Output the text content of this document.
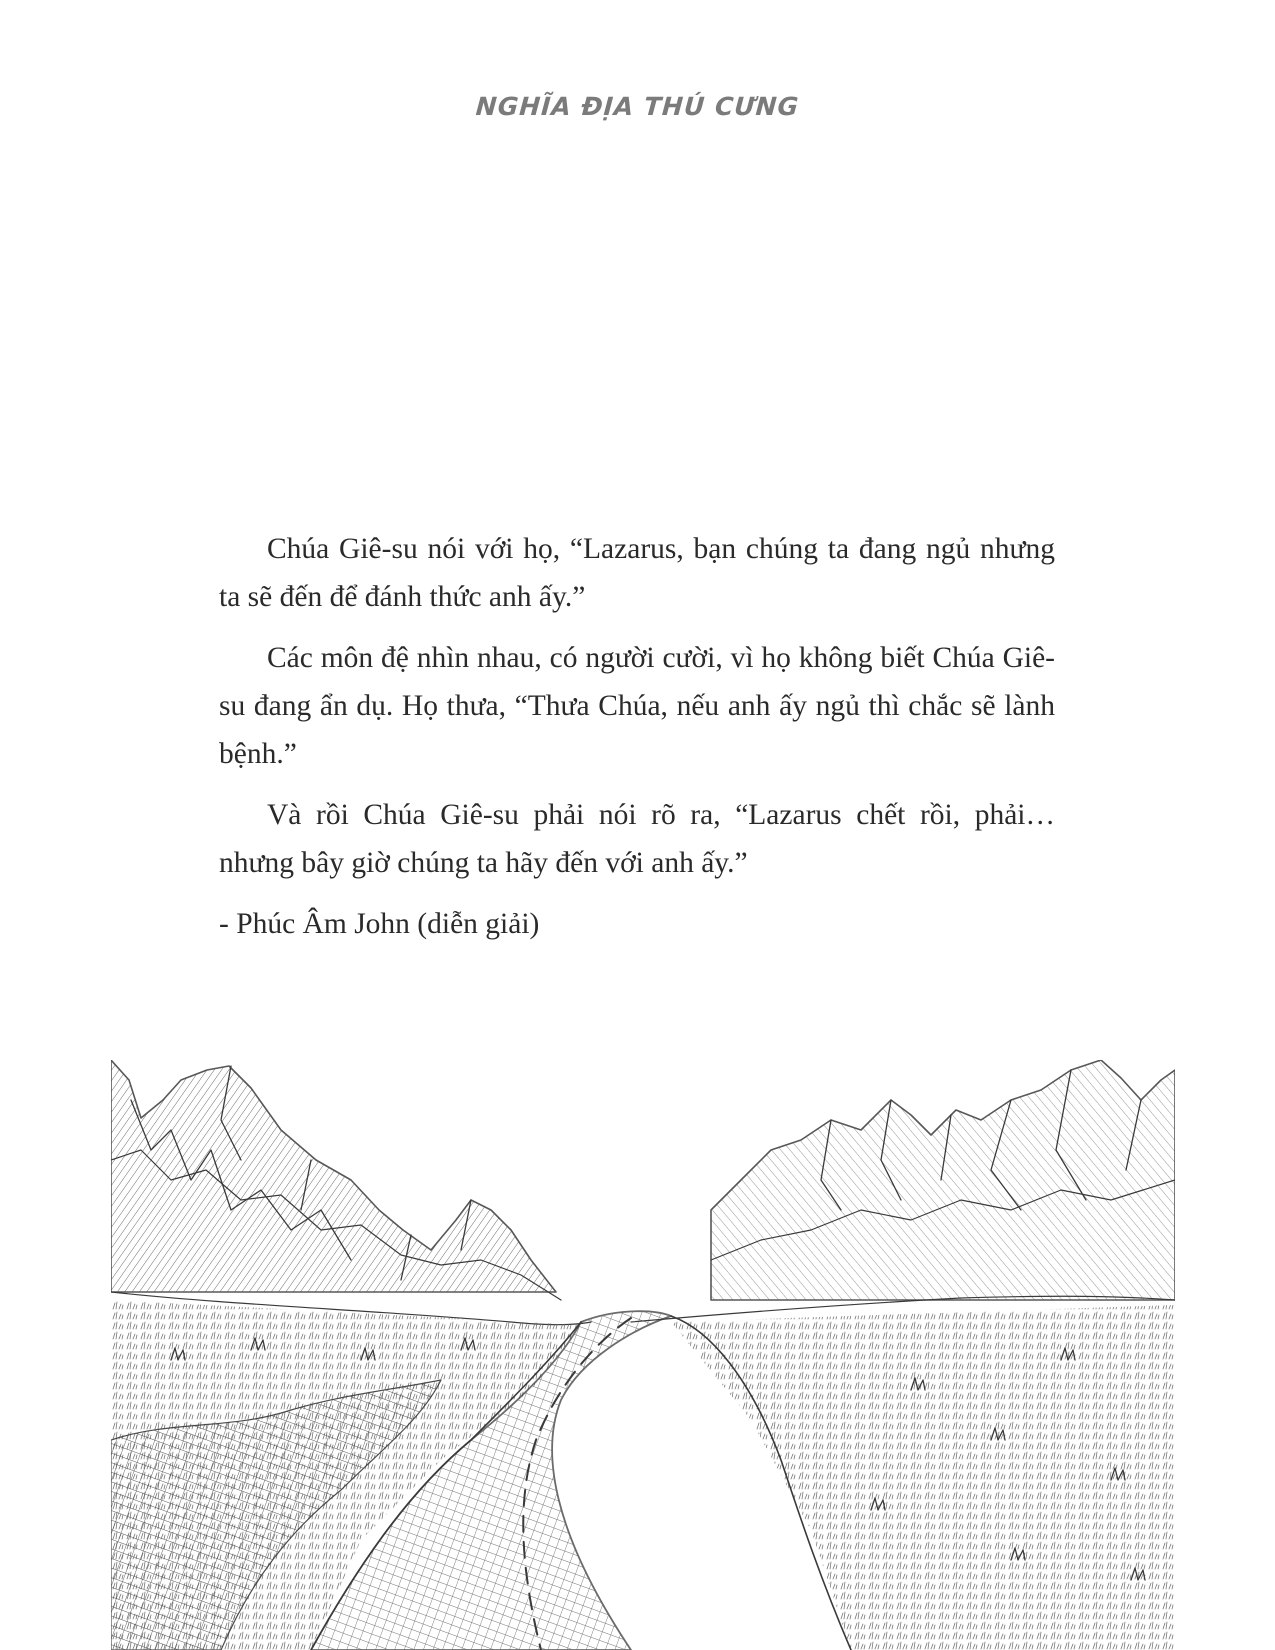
NGHĨA ĐỊA THÚ CƯNG

Chúa Giê-su nói với họ, “Lazarus, bạn chúng ta đang ngủ nhưng ta sẽ đến để đánh thức anh ấy.”

Các môn đệ nhìn nhau, có người cười, vì họ không biết Chúa Giê-su đang ẩn dụ. Họ thưa, “Thưa Chúa, nếu anh ấy ngủ thì chắc sẽ lành bệnh.”

Và rồi Chúa Giê-su phải nói rõ ra, “Lazarus chết rồi, phải… nhưng bây giờ chúng ta hãy đến với anh ấy.”

- Phúc Âm John (diễn giải)
